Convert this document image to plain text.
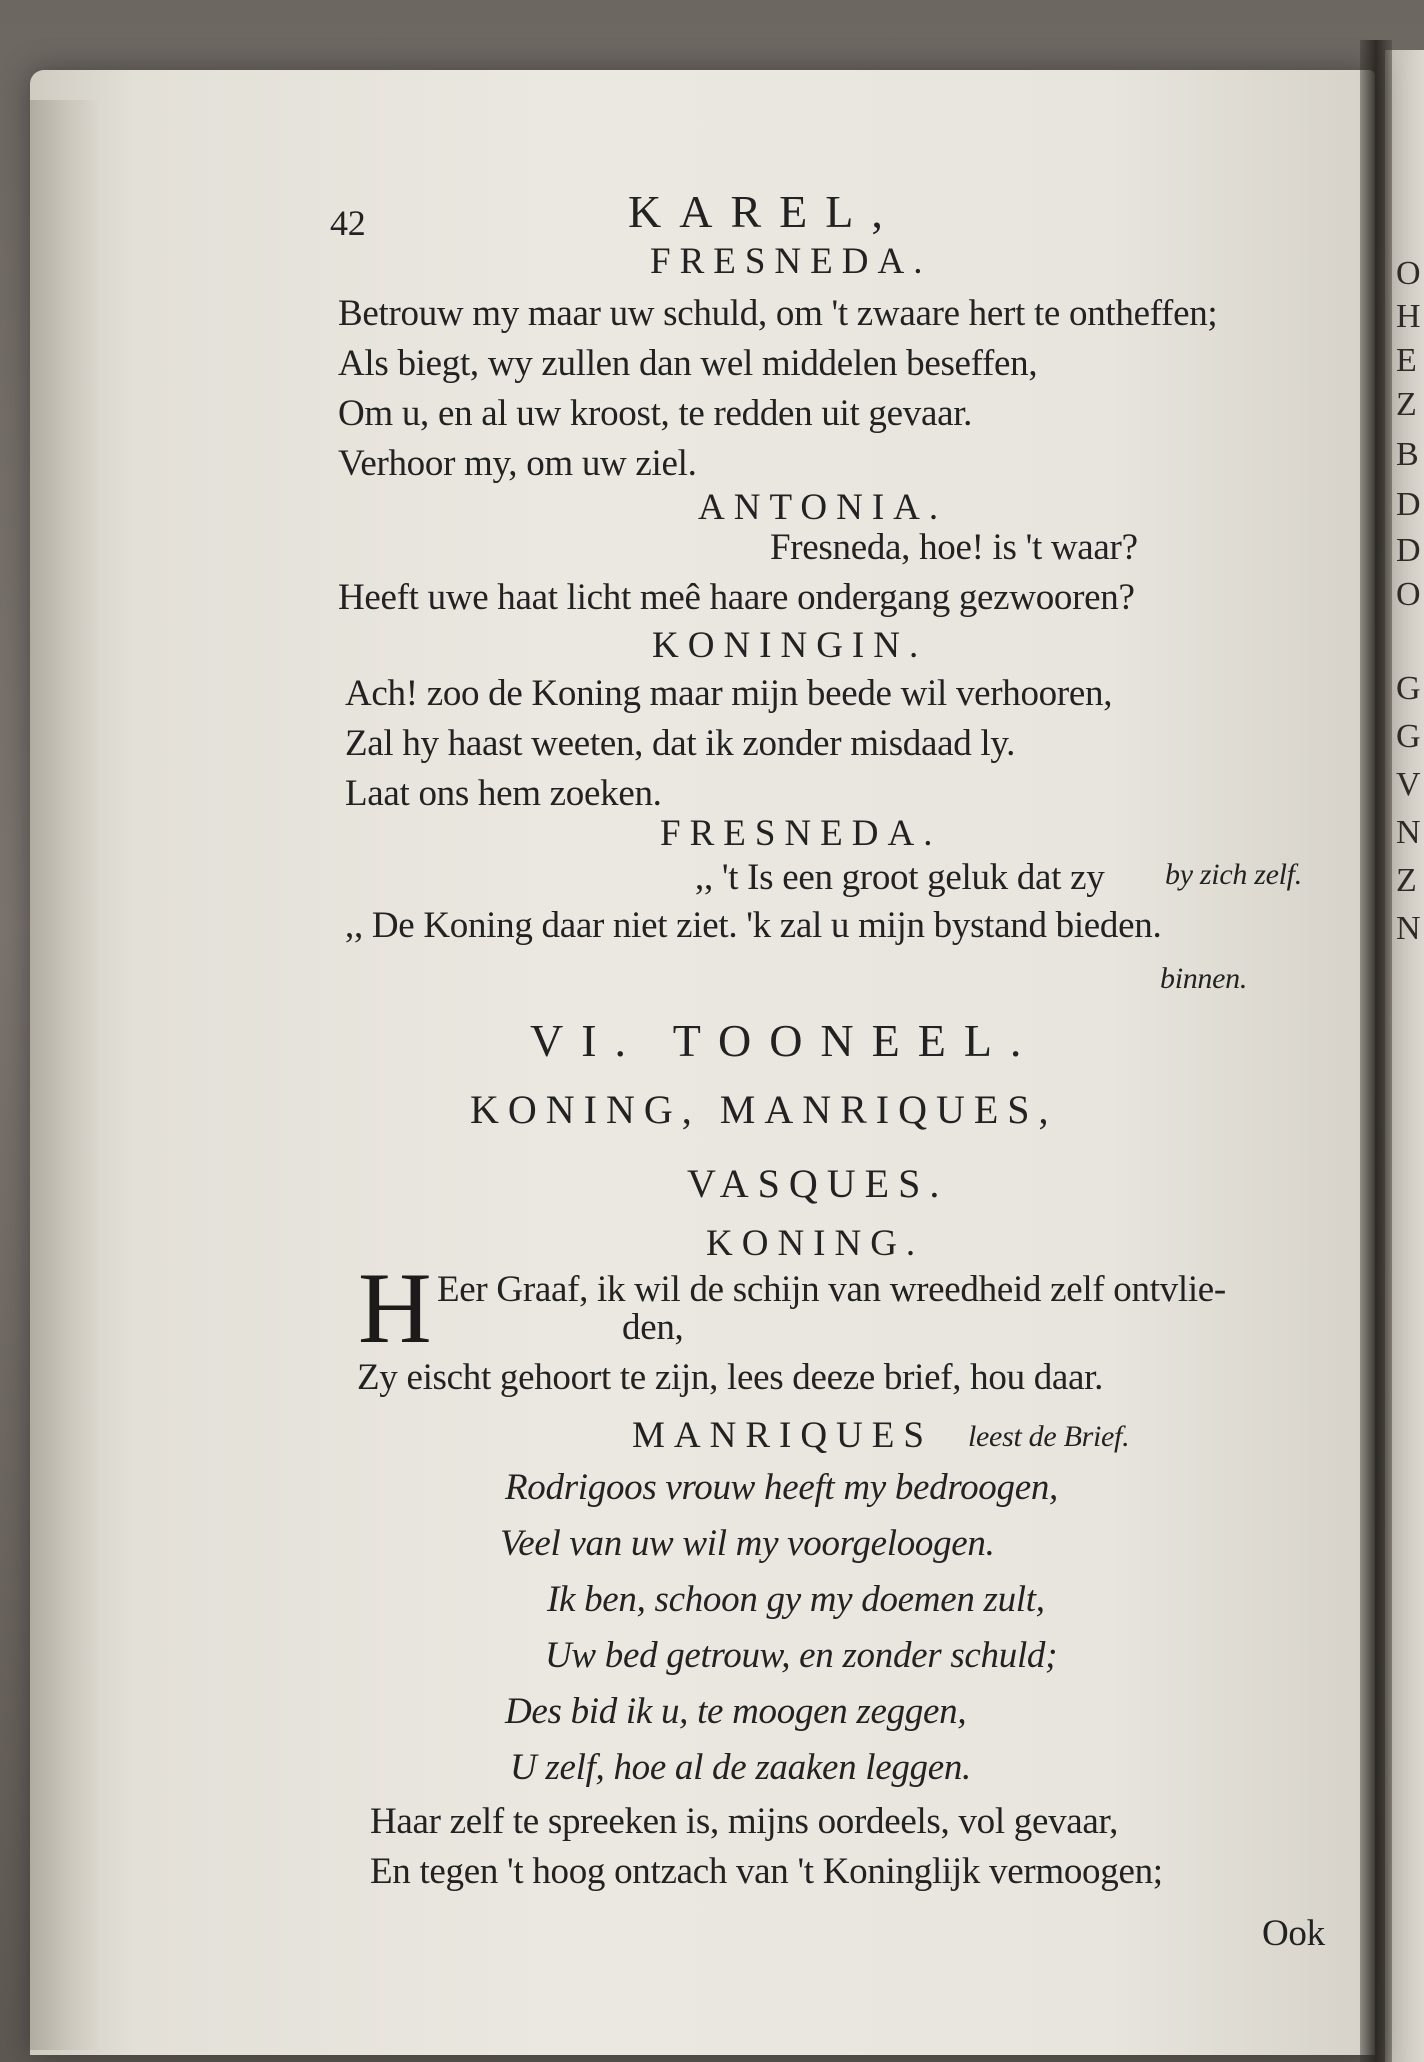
O
H
E
Z
B
D
D
O
G
G
V
N
Z
N
42	KAREL,
FRESNEDA.
Betrouw my maar uw schuld, om 't zwaare hert te ontheffen;
Als biegt, wy zullen dan wel middelen beseffen,
Om u, en al uw kroost, te redden uit gevaar.
Verhoor my, om uw ziel.
ANTONIA.
Fresneda, hoe! is 't waar?
Heeft uwe haat licht meê haare ondergang gezwooren?
KONINGIN.
Ach! zoo de Koning maar mijn beede wil verhooren,
Zal hy haast weeten, dat ik zonder misdaad ly.
Laat ons hem zoeken.
FRESNEDA.
,, 't Is een groot geluk dat zy by zich zelf.
,, De Koning daar niet ziet. 'k zal u mijn bystand bieden.
binnen.
VI. TOONEEL.
KONING, MANRIQUES,
VASQUES.
KONING.
H Eer Graaf, ik wil de schijn van wreedheid zelf ontvlie-
den,
Zy eischt gehoort te zijn, lees deeze brief, hou daar.
MANRIQUES leest de Brief.
Rodrigoos vrouw heeft my bedroogen,
Veel van uw wil my voorgeloogen.
Ik ben, schoon gy my doemen zult,
Uw bed getrouw, en zonder schuld;
Des bid ik u, te moogen zeggen,
U zelf, hoe al de zaaken leggen.
Haar zelf te spreeken is, mijns oordeels, vol gevaar,
En tegen 't hoog ontzach van 't Koninglijk vermoogen;
Ook
